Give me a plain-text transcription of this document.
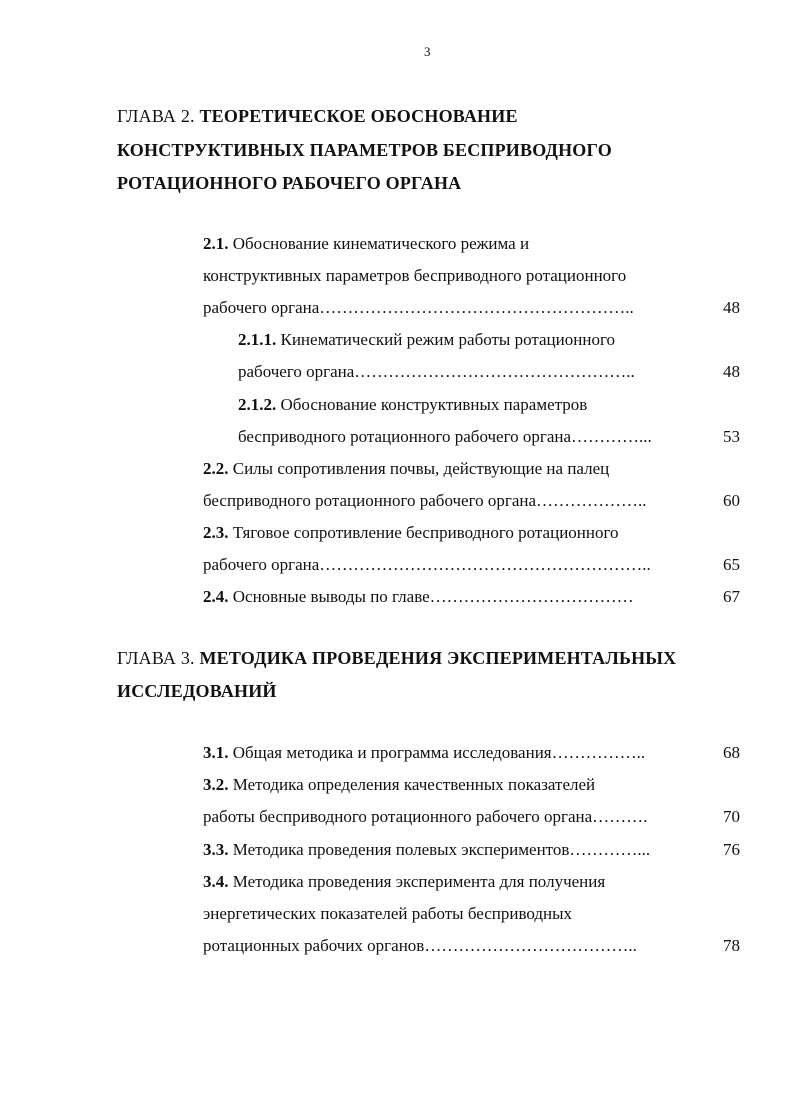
3
ГЛАВА 2. ТЕОРЕТИЧЕСКОЕ ОБОСНОВАНИЕ
КОНСТРУКТИВНЫХ ПАРАМЕТРОВ БЕСПРИВОДНОГО
РОТАЦИОННОГО РАБОЧЕГО ОРГАНА
2.1. Обоснование кинематического режима и
конструктивных параметров бесприводного ротационного
рабочего органа………………………………………………..	48
2.1.1. Кинематический режим работы ротационного
рабочего органа…………………………………………..	48
2.1.2. Обоснование конструктивных параметров
бесприводного ротационного рабочего органа…………...	53
2.2. Силы сопротивления почвы, действующие на палец
бесприводного ротационного рабочего органа………………..	60
2.3. Тяговое сопротивление бесприводного ротационного
рабочего органа…………………………………………………..	65
2.4. Основные выводы по главе………………………………	67
ГЛАВА 3. МЕТОДИКА ПРОВЕДЕНИЯ ЭКСПЕРИМЕНТАЛЬНЫХ
ИССЛЕДОВАНИЙ
3.1. Общая методика и программа исследования……………..	68
3.2. Методика определения качественных показателей
работы бесприводного ротационного рабочего органа……….	70
3.3. Методика проведения полевых экспериментов…………...	76
3.4. Методика проведения эксперимента для получения
энергетических показателей работы бесприводных
ротационных рабочих органов………………………………..	78
